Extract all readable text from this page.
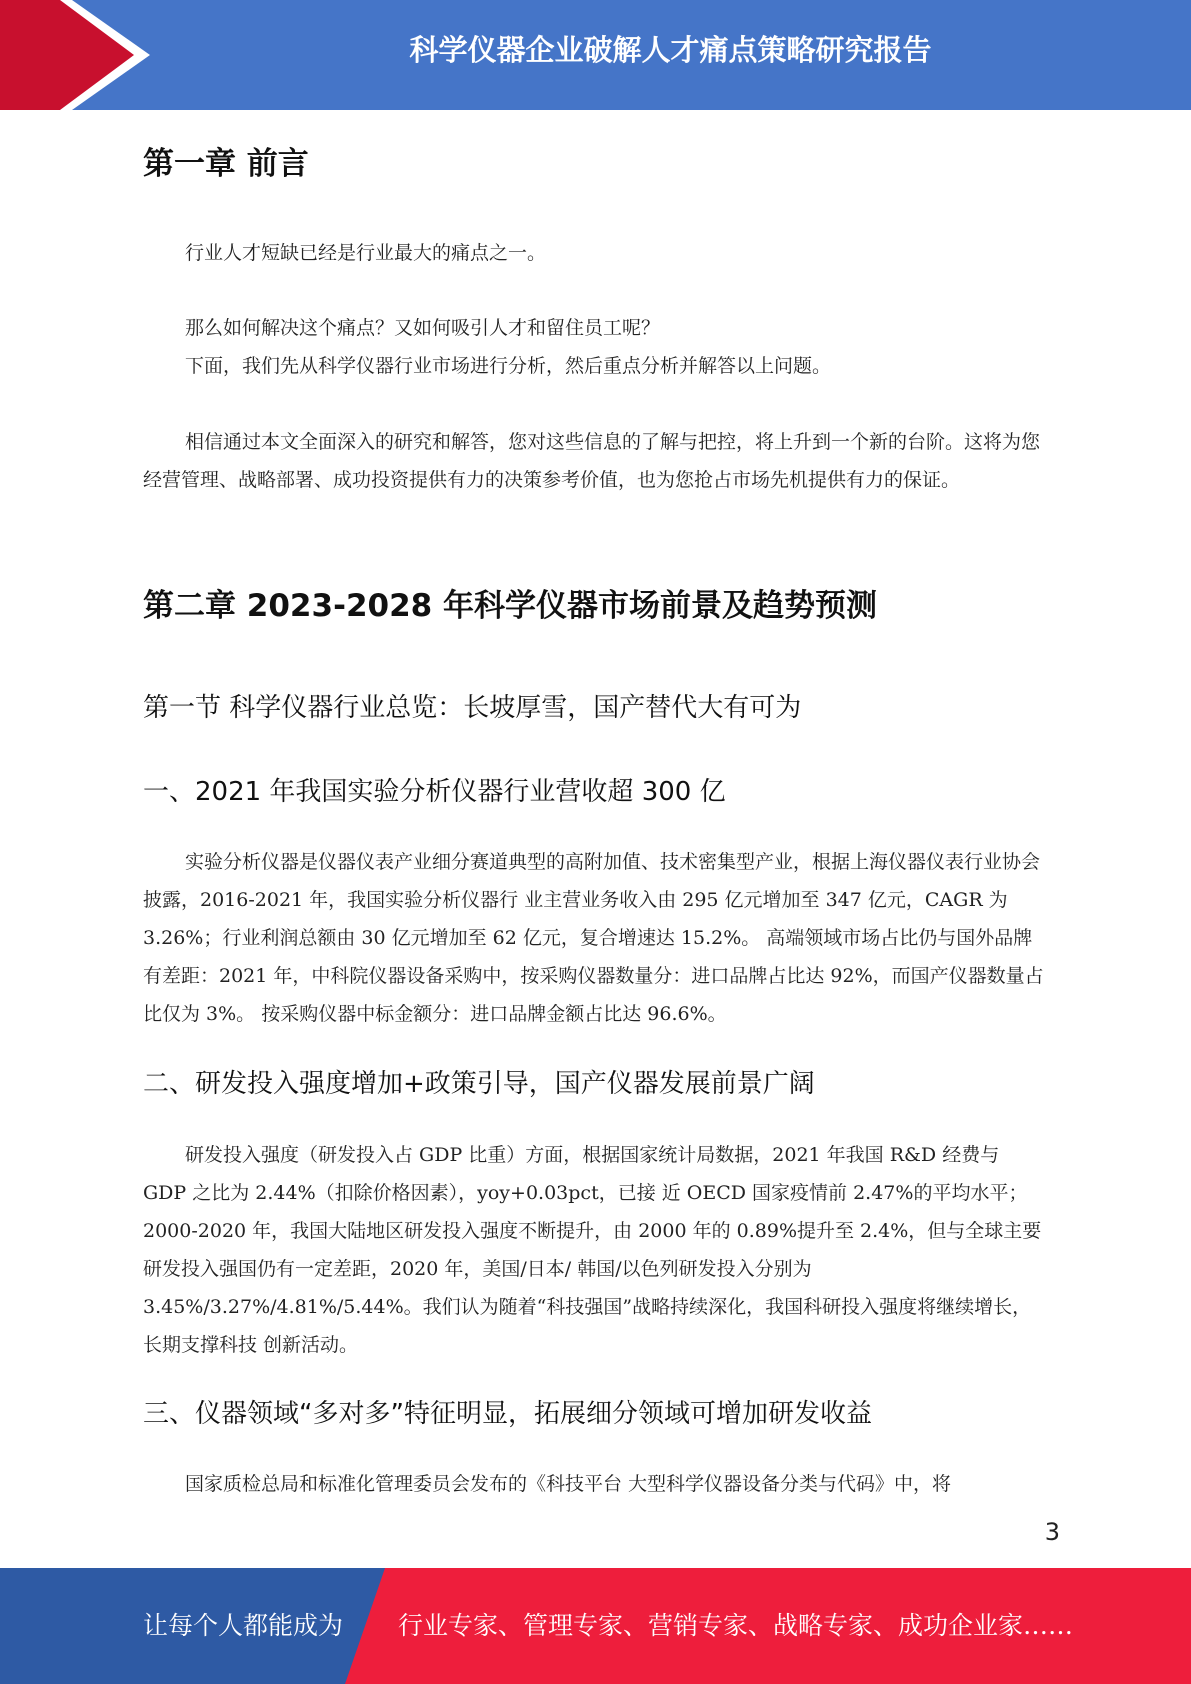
科学仪器企业破解人才痛点策略研究报告
第一章 前言

行业人才短缺已经是行业最大的痛点之一。

那么如何解决这个痛点？又如何吸引人才和留住员工呢？

下面，我们先从科学仪器行业市场进行分析，然后重点分析并解答以上问题。

相信通过本文全面深入的研究和解答，您对这些信息的了解与把控，将上升到一个新的台阶。这将为您经营管理、战略部署、成功投资提供有力的决策参考价值，也为您抢占市场先机提供有力的保证。

第二章 2023-2028 年科学仪器市场前景及趋势预测
第一节 科学仪器行业总览：长坡厚雪，国产替代大有可为
一、2021 年我国实验分析仪器行业营收超 300 亿

实验分析仪器是仪器仪表产业细分赛道典型的高附加值、技术密集型产业，根据上海仪器仪表行业协会披露，2016-2021 年，我国实验分析仪器行 业主营业务收入由 295 亿元增加至 347 亿元，CAGR 为 3.26%；行业利润总额由 30 亿元增加至 62 亿元，复合增速达 15.2%。 高端领域市场占比仍与国外品牌有差距：2021 年，中科院仪器设备采购中，按采购仪器数量分：进口品牌占比达 92%，而国产仪器数量占比仅为 3%。 按采购仪器中标金额分：进口品牌金额占比达 96.6%。

二、研发投入强度增加+政策引导，国产仪器发展前景广阔

研发投入强度（研发投入占 GDP 比重）方面，根据国家统计局数据，2021 年我国 R&D 经费与 GDP 之比为 2.44%（扣除价格因素），yoy+0.03pct，已接 近 OECD 国家疫情前 2.47%的平均水平；2000-2020 年，我国大陆地区研发投入强度不断提升，由 2000 年的 0.89%提升至 2.4%，但与全球主要研发投入强国仍有一定差距，2020 年，美国/日本/ 韩国/以色列研发投入分别为 3.45%/3.27%/4.81%/5.44%。我们认为随着“科技强国”战略持续深化，我国科研投入强度将继续增长，长期支撑科技 创新活动。

三、仪器领域“多对多”特征明显，拓展细分领域可增加研发收益

国家质检总局和标准化管理委员会发布的《科技平台 大型科学仪器设备分类与代码》中，将

3
让每个人都能成为 行业专家、管理专家、营销专家、战略专家、成功企业家……
